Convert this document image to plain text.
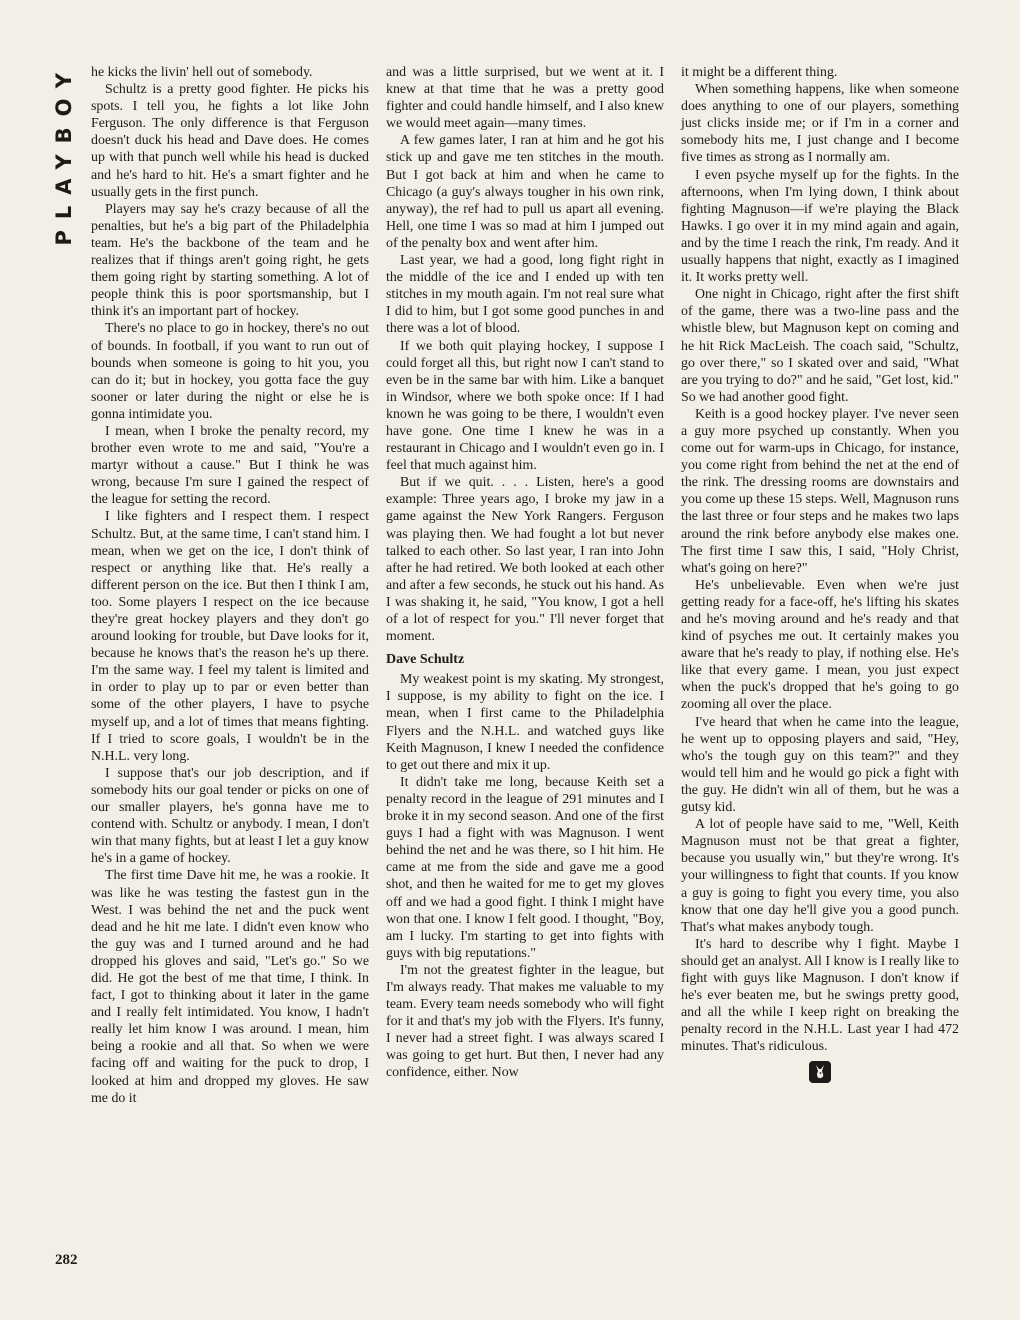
PLAYBOY
282

he kicks the livin' hell out of somebody.

Schultz is a pretty good fighter. He picks his spots. I tell you, he fights a lot like John Ferguson. The only difference is that Ferguson doesn't duck his head and Dave does. He comes up with that punch well while his head is ducked and he's hard to hit. He's a smart fighter and he usually gets in the first punch.

Players may say he's crazy because of all the penalties, but he's a big part of the Philadelphia team. He's the backbone of the team and he realizes that if things aren't going right, he gets them going right by starting something. A lot of people think this is poor sportsmanship, but I think it's an important part of hockey.

There's no place to go in hockey, there's no out of bounds. In football, if you want to run out of bounds when someone is going to hit you, you can do it; but in hockey, you gotta face the guy sooner or later during the night or else he is gonna intimidate you.

I mean, when I broke the penalty record, my brother even wrote to me and said, "You're a martyr without a cause." But I think he was wrong, because I'm sure I gained the respect of the league for setting the record.

I like fighters and I respect them. I respect Schultz. But, at the same time, I can't stand him. I mean, when we get on the ice, I don't think of respect or anything like that. He's really a different person on the ice. But then I think I am, too. Some players I respect on the ice because they're great hockey players and they don't go around looking for trouble, but Dave looks for it, because he knows that's the reason he's up there. I'm the same way. I feel my talent is limited and in order to play up to par or even better than some of the other players, I have to psyche myself up, and a lot of times that means fighting. If I tried to score goals, I wouldn't be in the N.H.L. very long.

I suppose that's our job description, and if somebody hits our goal tender or picks on one of our smaller players, he's gonna have me to contend with. Schultz or anybody. I mean, I don't win that many fights, but at least I let a guy know he's in a game of hockey.

The first time Dave hit me, he was a rookie. It was like he was testing the fastest gun in the West. I was behind the net and the puck went dead and he hit me late. I didn't even know who the guy was and I turned around and he had dropped his gloves and said, "Let's go." So we did. He got the best of me that time, I think. In fact, I got to thinking about it later in the game and I really felt intimidated. You know, I hadn't really let him know I was around. I mean, him being a rookie and all that. So when we were facing off and waiting for the puck to drop, I looked at him and dropped my gloves. He saw me do it

and was a little surprised, but we went at it. I knew at that time that he was a pretty good fighter and could handle himself, and I also knew we would meet again—many times.

A few games later, I ran at him and he got his stick up and gave me ten stitches in the mouth. But I got back at him and when he came to Chicago (a guy's always tougher in his own rink, anyway), the ref had to pull us apart all evening. Hell, one time I was so mad at him I jumped out of the penalty box and went after him.

Last year, we had a good, long fight right in the middle of the ice and I ended up with ten stitches in my mouth again. I'm not real sure what I did to him, but I got some good punches in and there was a lot of blood.

If we both quit playing hockey, I suppose I could forget all this, but right now I can't stand to even be in the same bar with him. Like a banquet in Windsor, where we both spoke once: If I had known he was going to be there, I wouldn't even have gone. One time I knew he was in a restaurant in Chicago and I wouldn't even go in. I feel that much against him.

But if we quit. . . . Listen, here's a good example: Three years ago, I broke my jaw in a game against the New York Rangers. Ferguson was playing then. We had fought a lot but never talked to each other. So last year, I ran into John after he had retired. We both looked at each other and after a few seconds, he stuck out his hand. As I was shaking it, he said, "You know, I got a hell of a lot of respect for you." I'll never forget that moment.

Dave Schultz

My weakest point is my skating. My strongest, I suppose, is my ability to fight on the ice. I mean, when I first came to the Philadelphia Flyers and the N.H.L. and watched guys like Keith Magnuson, I knew I needed the confidence to get out there and mix it up.

It didn't take me long, because Keith set a penalty record in the league of 291 minutes and I broke it in my second season. And one of the first guys I had a fight with was Magnuson. I went behind the net and he was there, so I hit him. He came at me from the side and gave me a good shot, and then he waited for me to get my gloves off and we had a good fight. I think I might have won that one. I know I felt good. I thought, "Boy, am I lucky. I'm starting to get into fights with guys with big reputations."

I'm not the greatest fighter in the league, but I'm always ready. That makes me valuable to my team. Every team needs somebody who will fight for it and that's my job with the Flyers. It's funny, I never had a street fight. I was always scared I was going to get hurt. But then, I never had any confidence, either. Now

it might be a different thing.

When something happens, like when someone does anything to one of our players, something just clicks inside me; or if I'm in a corner and somebody hits me, I just change and I become five times as strong as I normally am.

I even psyche myself up for the fights. In the afternoons, when I'm lying down, I think about fighting Magnuson—if we're playing the Black Hawks. I go over it in my mind again and again, and by the time I reach the rink, I'm ready. And it usually happens that night, exactly as I imagined it. It works pretty well.

One night in Chicago, right after the first shift of the game, there was a two-line pass and the whistle blew, but Magnuson kept on coming and he hit Rick MacLeish. The coach said, "Schultz, go over there," so I skated over and said, "What are you trying to do?" and he said, "Get lost, kid." So we had another good fight.

Keith is a good hockey player. I've never seen a guy more psyched up constantly. When you come out for warm-ups in Chicago, for instance, you come right from behind the net at the end of the rink. The dressing rooms are downstairs and you come up these 15 steps. Well, Magnuson runs the last three or four steps and he makes two laps around the rink before anybody else makes one. The first time I saw this, I said, "Holy Christ, what's going on here?"

He's unbelievable. Even when we're just getting ready for a face-off, he's lifting his skates and he's moving around and he's ready and that kind of psyches me out. It certainly makes you aware that he's ready to play, if nothing else. He's like that every game. I mean, you just expect when the puck's dropped that he's going to go zooming all over the place.

I've heard that when he came into the league, he went up to opposing players and said, "Hey, who's the tough guy on this team?" and they would tell him and he would go pick a fight with the guy. He didn't win all of them, but he was a gutsy kid.

A lot of people have said to me, "Well, Keith Magnuson must not be that great a fighter, because you usually win," but they're wrong. It's your willingness to fight that counts. If you know a guy is going to fight you every time, you also know that one day he'll give you a good punch. That's what makes anybody tough.

It's hard to describe why I fight. Maybe I should get an analyst. All I know is I really like to fight with guys like Magnuson. I don't know if he's ever beaten me, but he swings pretty good, and all the while I keep right on breaking the penalty record in the N.H.L. Last year I had 472 minutes. That's ridiculous.
